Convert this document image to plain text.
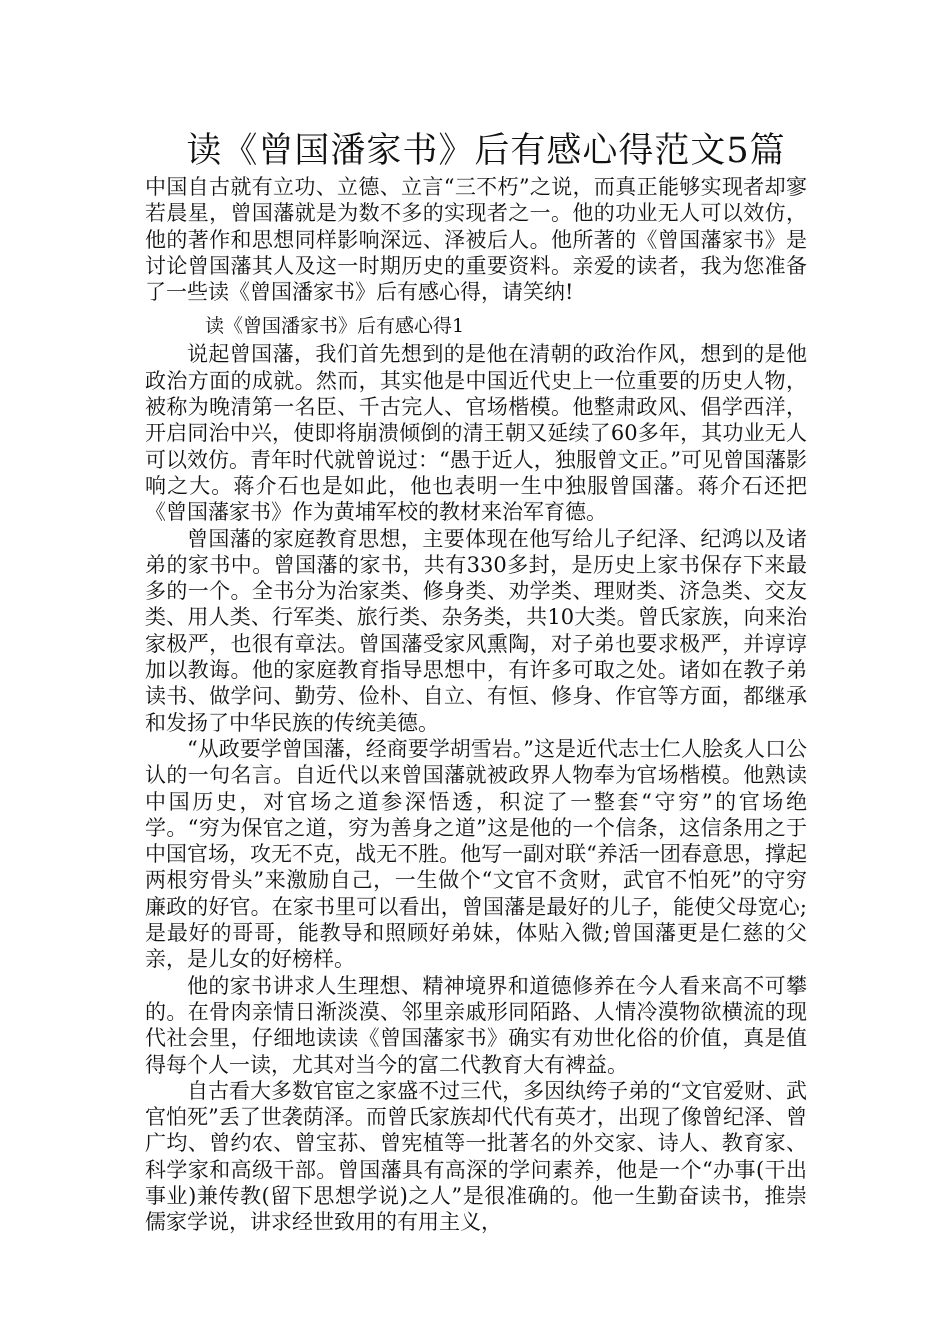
读《曾国潘家书》后有感心得范文5篇

中国自古就有立功、立德、立言“三不朽”之说，而真正能够实现者却寥若晨星，曾国藩就是为数不多的实现者之一。他的功业无人可以效仿，他的著作和思想同样影响深远、泽被后人。他所著的《曾国藩家书》是讨论曾国藩其人及这一时期历史的重要资料。亲爱的读者，我为您准备了一些读《曾国潘家书》后有感心得，请笑纳!

读《曾国潘家书》后有感心得1

说起曾国藩，我们首先想到的是他在清朝的政治作风，想到的是他政治方面的成就。然而，其实他是中国近代史上一位重要的历史人物，被称为晚清第一名臣、千古完人、官场楷模。他整肃政风、倡学西洋，开启同治中兴，使即将崩溃倾倒的清王朝又延续了60多年，其功业无人可以效仿。青年时代就曾说过：“愚于近人，独服曾文正。”可见曾国藩影响之大。蒋介石也是如此，他也表明一生中独服曾国藩。蒋介石还把《曾国藩家书》作为黄埔军校的教材来治军育德。

曾国藩的家庭教育思想，主要体现在他写给儿子纪泽、纪鸿以及诸弟的家书中。曾国藩的家书，共有330多封，是历史上家书保存下来最多的一个。全书分为治家类、修身类、劝学类、理财类、济急类、交友类、用人类、行军类、旅行类、杂务类，共10大类。曾氏家族，向来治家极严，也很有章法。曾国藩受家风熏陶，对子弟也要求极严，并谆谆加以教诲。他的家庭教育指导思想中，有许多可取之处。诸如在教子弟读书、做学问、勤劳、俭朴、自立、有恒、修身、作官等方面，都继承和发扬了中华民族的传统美德。

“从政要学曾国藩，经商要学胡雪岩。”这是近代志士仁人脍炙人口公认的一句名言。自近代以来曾国藩就被政界人物奉为官场楷模。他熟读中国历史，对官场之道参深悟透，积淀了一整套“守穷”的官场绝学。“穷为保官之道，穷为善身之道”这是他的一个信条，这信条用之于中国官场，攻无不克，战无不胜。他写一副对联“养活一团春意思，撑起两根穷骨头”来激励自己，一生做个“文官不贪财，武官不怕死”的守穷廉政的好官。在家书里可以看出，曾国藩是最好的儿子，能使父母宽心;是最好的哥哥，能教导和照顾好弟妹，体贴入微;曾国藩更是仁慈的父亲，是儿女的好榜样。

他的家书讲求人生理想、精神境界和道德修养在今人看来高不可攀的。在骨肉亲情日渐淡漠、邻里亲戚形同陌路、人情冷漠物欲横流的现代社会里，仔细地读读《曾国藩家书》确实有劝世化俗的价值，真是值得每个人一读，尤其对当今的富二代教育大有裨益。

自古看大多数官宦之家盛不过三代，多因纨绔子弟的“文官爱财、武官怕死”丢了世袭荫泽。而曾氏家族却代代有英才，出现了像曾纪泽、曾广均、曾约农、曾宝荪、曾宪植等一批著名的外交家、诗人、教育家、科学家和高级干部。曾国藩具有高深的学问素养，他是一个“办事(干出事业)兼传教(留下思想学说)之人”是很准确的。他一生勤奋读书，推崇儒家学说，讲求经世致用的有用主义，
